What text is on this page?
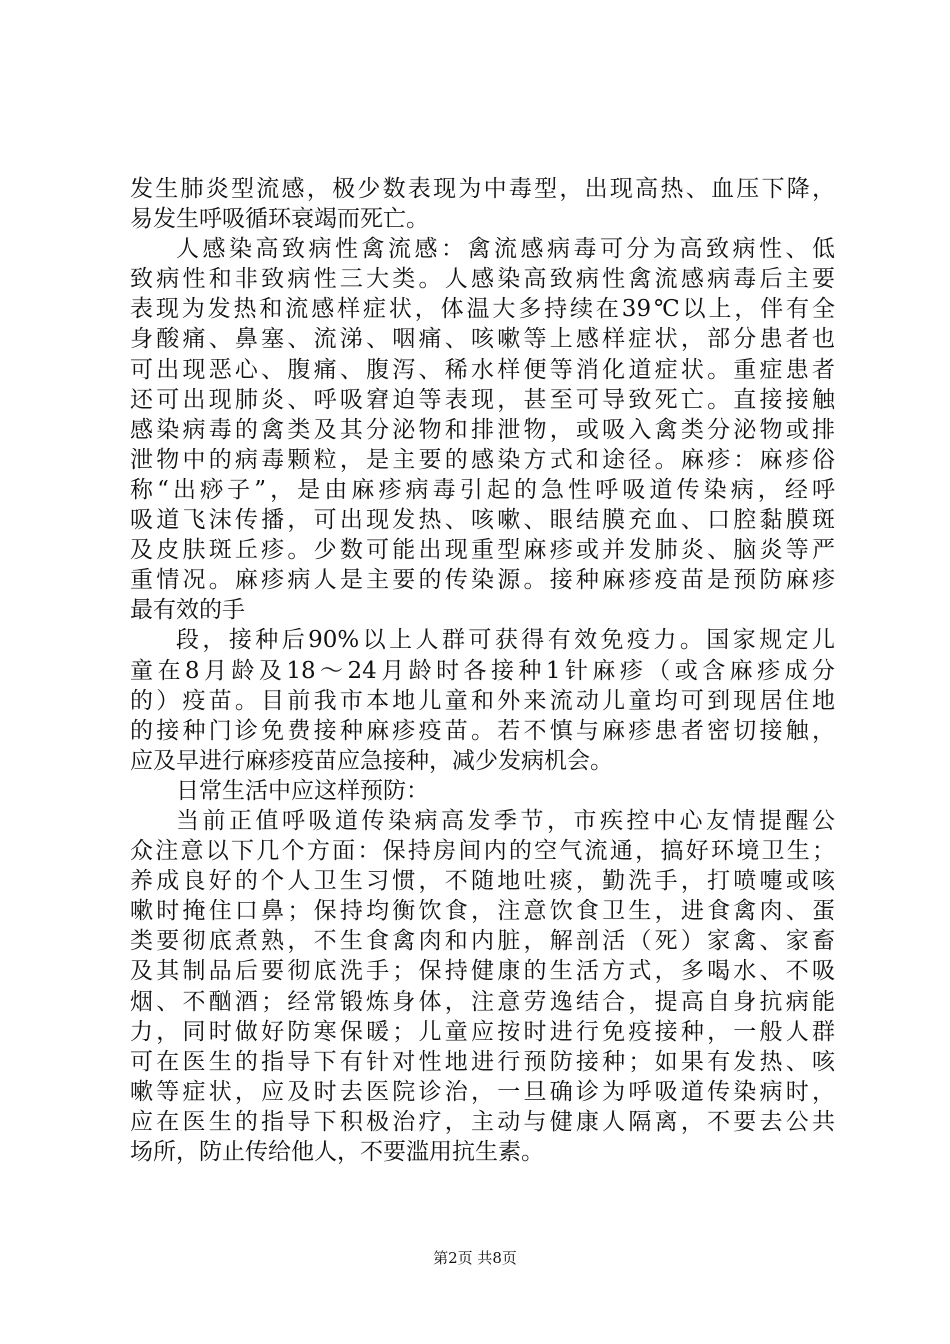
发生肺炎型流感，极少数表现为中毒型，出现高热、血压下降，
易发生呼吸循环衰竭而死亡。
人感染高致病性禽流感：禽流感病毒可分为高致病性、低
致病性和非致病性三大类。人感染高致病性禽流感病毒后主要
表现为发热和流感样症状，体温大多持续在39℃以上，伴有全
身酸痛、鼻塞、流涕、咽痛、咳嗽等上感样症状，部分患者也
可出现恶心、腹痛、腹泻、稀水样便等消化道症状。重症患者
还可出现肺炎、呼吸窘迫等表现，甚至可导致死亡。直接接触
感染病毒的禽类及其分泌物和排泄物，或吸入禽类分泌物或排
泄物中的病毒颗粒，是主要的感染方式和途径。麻疹：麻疹俗
称“出痧子”，是由麻疹病毒引起的急性呼吸道传染病，经呼
吸道飞沫传播，可出现发热、咳嗽、眼结膜充血、口腔黏膜斑
及皮肤斑丘疹。少数可能出现重型麻疹或并发肺炎、脑炎等严
重情况。麻疹病人是主要的传染源。接种麻疹疫苗是预防麻疹
最有效的手
段，接种后90%以上人群可获得有效免疫力。国家规定儿
童在8月龄及18～24月龄时各接种1针麻疹（或含麻疹成分
的）疫苗。目前我市本地儿童和外来流动儿童均可到现居住地
的接种门诊免费接种麻疹疫苗。若不慎与麻疹患者密切接触，
应及早进行麻疹疫苗应急接种，减少发病机会。
日常生活中应这样预防：
当前正值呼吸道传染病高发季节，市疾控中心友情提醒公
众注意以下几个方面：保持房间内的空气流通，搞好环境卫生；
养成良好的个人卫生习惯，不随地吐痰，勤洗手，打喷嚏或咳
嗽时掩住口鼻；保持均衡饮食，注意饮食卫生，进食禽肉、蛋
类要彻底煮熟，不生食禽肉和内脏，解剖活（死）家禽、家畜
及其制品后要彻底洗手；保持健康的生活方式，多喝水、不吸
烟、不酗酒；经常锻炼身体，注意劳逸结合，提高自身抗病能
力，同时做好防寒保暖；儿童应按时进行免疫接种，一般人群
可在医生的指导下有针对性地进行预防接种；如果有发热、咳
嗽等症状，应及时去医院诊治，一旦确诊为呼吸道传染病时，
应在医生的指导下积极治疗，主动与健康人隔离，不要去公共
场所，防止传给他人，不要滥用抗生素。
第2页 共8页
